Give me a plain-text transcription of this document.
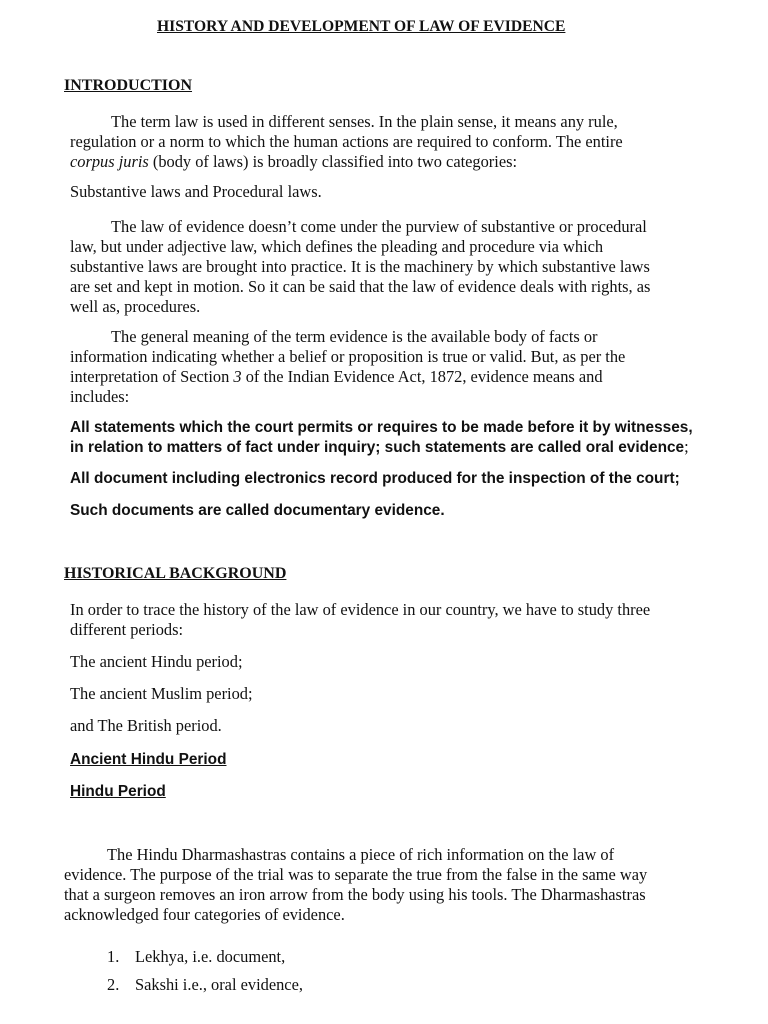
HISTORY AND DEVELOPMENT OF LAW OF EVIDENCE
INTRODUCTION
The term law is used in different senses. In the plain sense, it means any rule,
regulation or a norm to which the human actions are required to conform. The entire
corpus juris (body of laws) is broadly classified into two categories:
Substantive laws and Procedural laws.
The law of evidence doesn’t come under the purview of substantive or procedural
law, but under adjective law, which defines the pleading and procedure via which
substantive laws are brought into practice. It is the machinery by which substantive laws
are set and kept in motion. So it can be said that the law of evidence deals with rights, as
well as, procedures.
The general meaning of the term evidence is the available body of facts or
information indicating whether a belief or proposition is true or valid. But, as per the
interpretation of Section 3 of the Indian Evidence Act, 1872, evidence means and
includes:
All statements which the court permits or requires to be made before it by witnesses,
in relation to matters of fact under inquiry; such statements are called oral evidence;
All document including electronics record produced for the inspection of the court;
Such documents are called documentary evidence.
HISTORICAL BACKGROUND
In order to trace the history of the law of evidence in our country, we have to study three
different periods:
The ancient Hindu period;
The ancient Muslim period;
and The British period.
Ancient Hindu Period
Hindu Period
The Hindu Dharmashastras contains a piece of rich information on the law of
evidence. The purpose of the trial was to separate the true from the false in the same way
that a surgeon removes an iron arrow from the body using his tools. The Dharmashastras
acknowledged four categories of evidence.
1. Lekhya, i.e. document,
2. Sakshi i.e., oral evidence,
